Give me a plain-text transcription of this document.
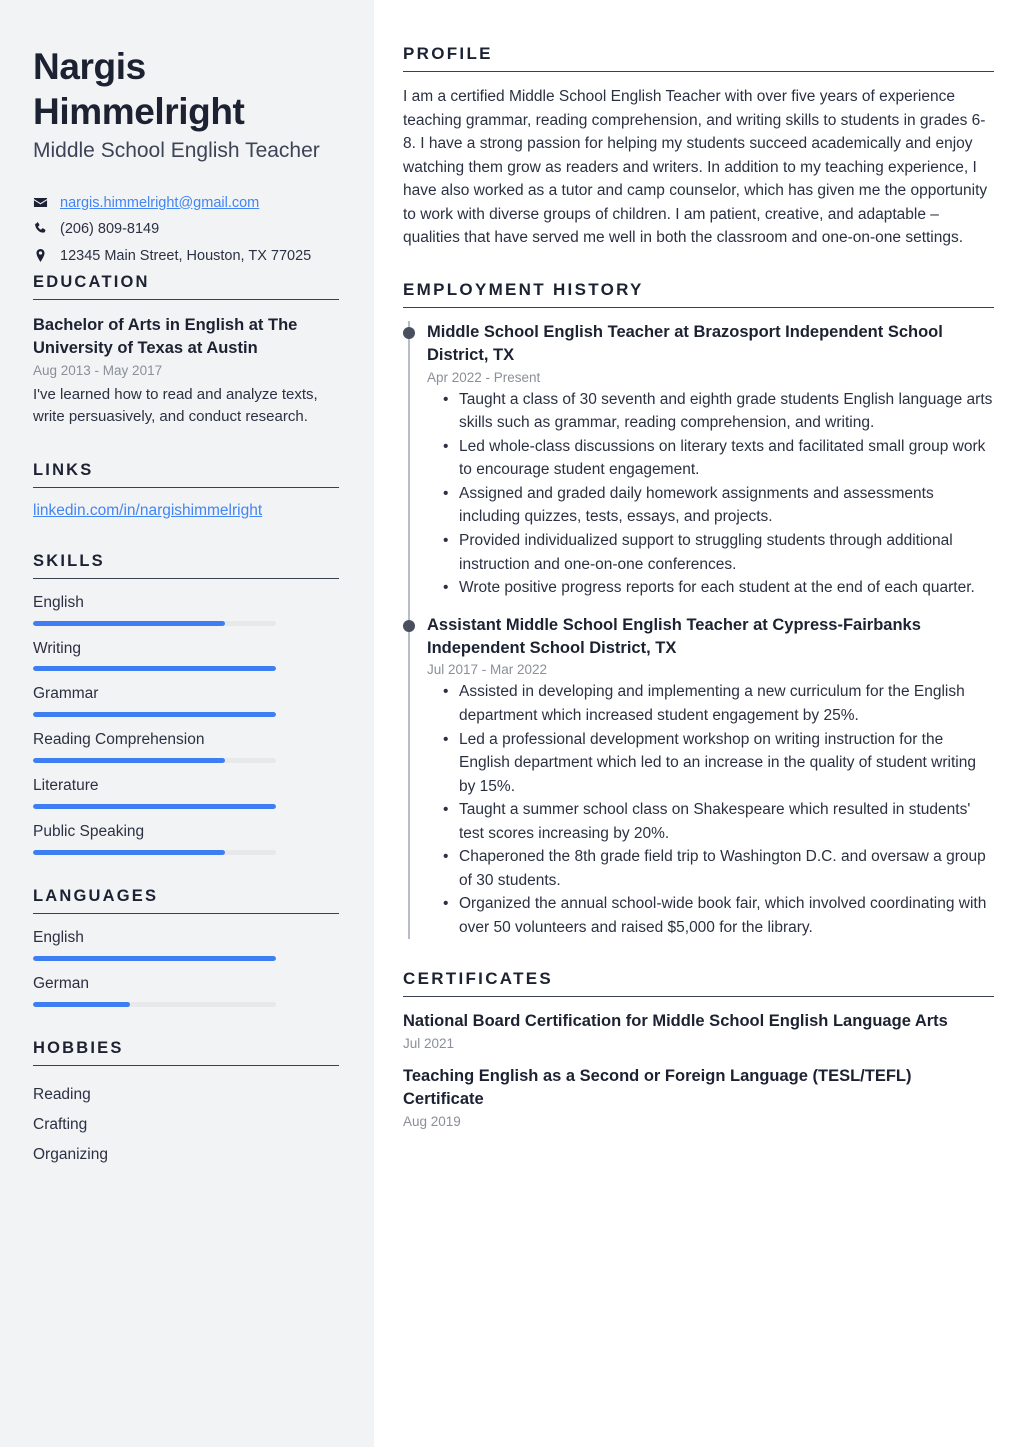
Nargis Himmelright
Middle School English Teacher
nargis.himmelright@gmail.com
(206) 809-8149
12345 Main Street, Houston, TX 77025
EDUCATION
Bachelor of Arts in English at The University of Texas at Austin
Aug 2013 - May 2017
I've learned how to read and analyze texts, write persuasively, and conduct research.
LINKS
linkedin.com/in/nargishimmelright
SKILLS
English
Writing
Grammar
Reading Comprehension
Literature
Public Speaking
LANGUAGES
English
German
HOBBIES
Reading
Crafting
Organizing
PROFILE

I am a certified Middle School English Teacher with over five years of experience teaching grammar, reading comprehension, and writing skills to students in grades 6-8. I have a strong passion for helping my students succeed academically and enjoy watching them grow as readers and writers. In addition to my teaching experience, I have also worked as a tutor and camp counselor, which has given me the opportunity to work with diverse groups of children. I am patient, creative, and adaptable – qualities that have served me well in both the classroom and one-on-one settings.

EMPLOYMENT HISTORY
Middle School English Teacher at Brazosport Independent School District, TX
Apr 2022 - Present
• Taught a class of 30 seventh and eighth grade students English language arts skills such as grammar, reading comprehension, and writing.
• Led whole-class discussions on literary texts and facilitated small group work to encourage student engagement.
• Assigned and graded daily homework assignments and assessments including quizzes, tests, essays, and projects.
• Provided individualized support to struggling students through additional instruction and one-on-one conferences.
• Wrote positive progress reports for each student at the end of each quarter.
Assistant Middle School English Teacher at Cypress-Fairbanks Independent School District, TX
Jul 2017 - Mar 2022
• Assisted in developing and implementing a new curriculum for the English department which increased student engagement by 25%.
• Led a professional development workshop on writing instruction for the English department which led to an increase in the quality of student writing by 15%.
• Taught a summer school class on Shakespeare which resulted in students' test scores increasing by 20%.
• Chaperoned the 8th grade field trip to Washington D.C. and oversaw a group of 30 students.
• Organized the annual school-wide book fair, which involved coordinating with over 50 volunteers and raised $5,000 for the library.
CERTIFICATES
National Board Certification for Middle School English Language Arts
Jul 2021
Teaching English as a Second or Foreign Language (TESL/TEFL) Certificate
Aug 2019
